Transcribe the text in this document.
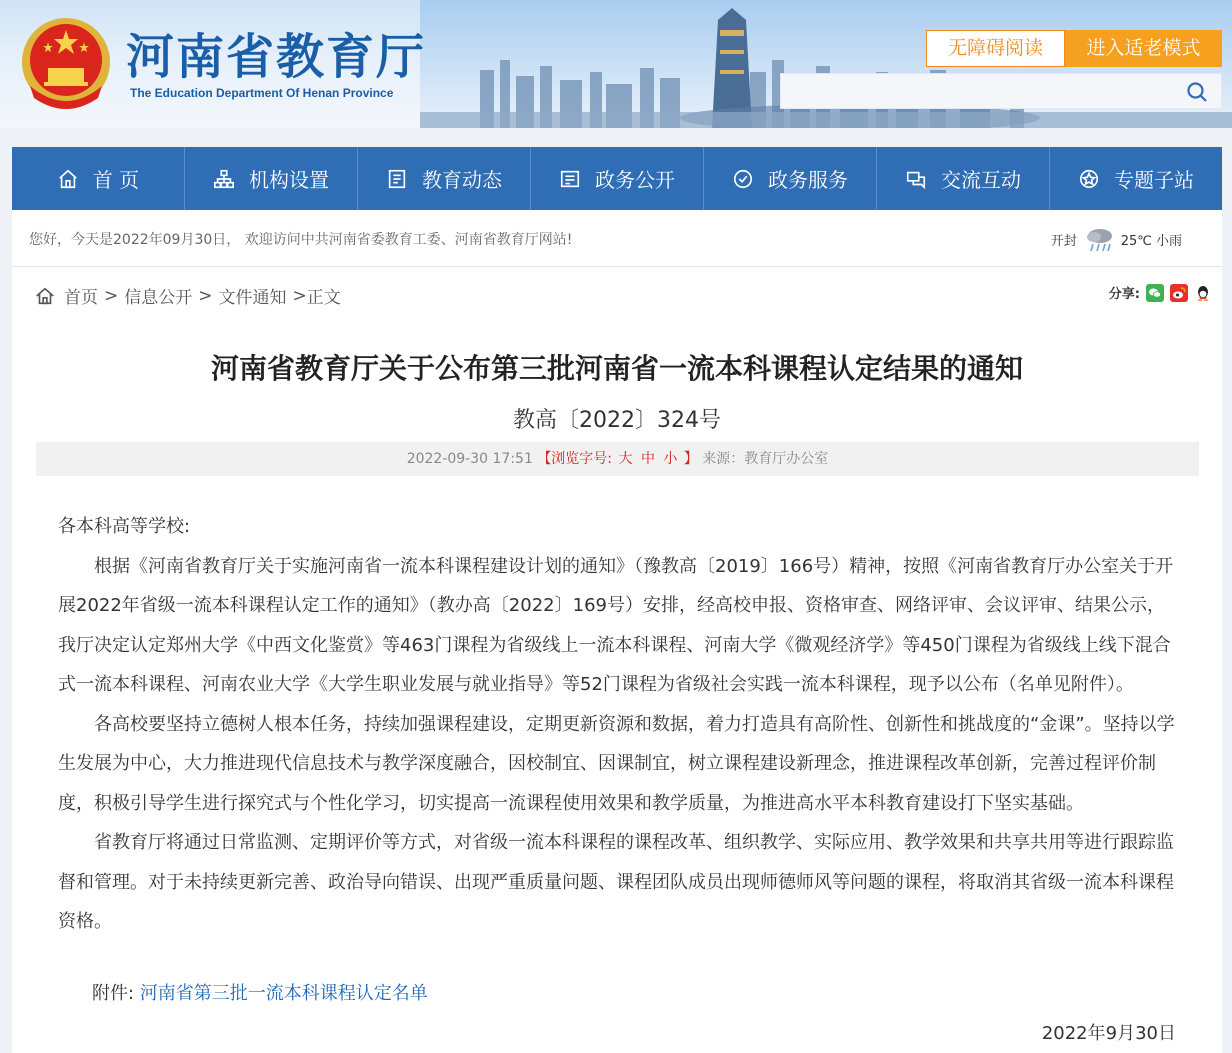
河南省教育厅
The Education Department Of Henan Province
无障碍阅读	进入适老模式
首 页	机构设置	教育动态	政务公开	政务服务	交流互动	专题子站
您好，今天是2022年09月30日， 欢迎访问中共河南省委教育工委、河南省教育厅网站!	开封	25℃ 小雨
首页 > 信息公开 > 文件通知 > 正文	分享:
河南省教育厅关于公布第三批河南省一流本科课程认定结果的通知
教高〔2022〕324号
2022-09-30 17:51 【浏览字号: 大 中 小 】 来源：教育厅办公室

各本科高等学校:

根据《河南省教育厅关于实施河南省一流本科课程建设计划的通知》（豫教高〔2019〕166号）精神，按照《河南省教育厅办公室关于开展2022年省级一流本科课程认定工作的通知》（教办高〔2022〕169号）安排，经高校申报、资格审查、网络评审、会议评审、结果公示，我厅决定认定郑州大学《中西文化鉴赏》等463门课程为省级线上一流本科课程、河南大学《微观经济学》等450门课程为省级线上线下混合式一流本科课程、河南农业大学《大学生职业发展与就业指导》等52门课程为省级社会实践一流本科课程，现予以公布（名单见附件）。

各高校要坚持立德树人根本任务，持续加强课程建设，定期更新资源和数据，着力打造具有高阶性、创新性和挑战度的“金课”。坚持以学生发展为中心，大力推进现代信息技术与教学深度融合，因校制宜、因课制宜，树立课程建设新理念，推进课程改革创新，完善过程评价制度，积极引导学生进行探究式与个性化学习，切实提高一流课程使用效果和教学质量，为推进高水平本科教育建设打下坚实基础。

省教育厅将通过日常监测、定期评价等方式，对省级一流本科课程的课程改革、组织教学、实际应用、教学效果和共享共用等进行跟踪监督和管理。对于未持续更新完善、政治导向错误、出现严重质量问题、课程团队成员出现师德师风等问题的课程，将取消其省级一流本科课程资格。

附件: 河南省第三批一流本科课程认定名单
2022年9月30日
